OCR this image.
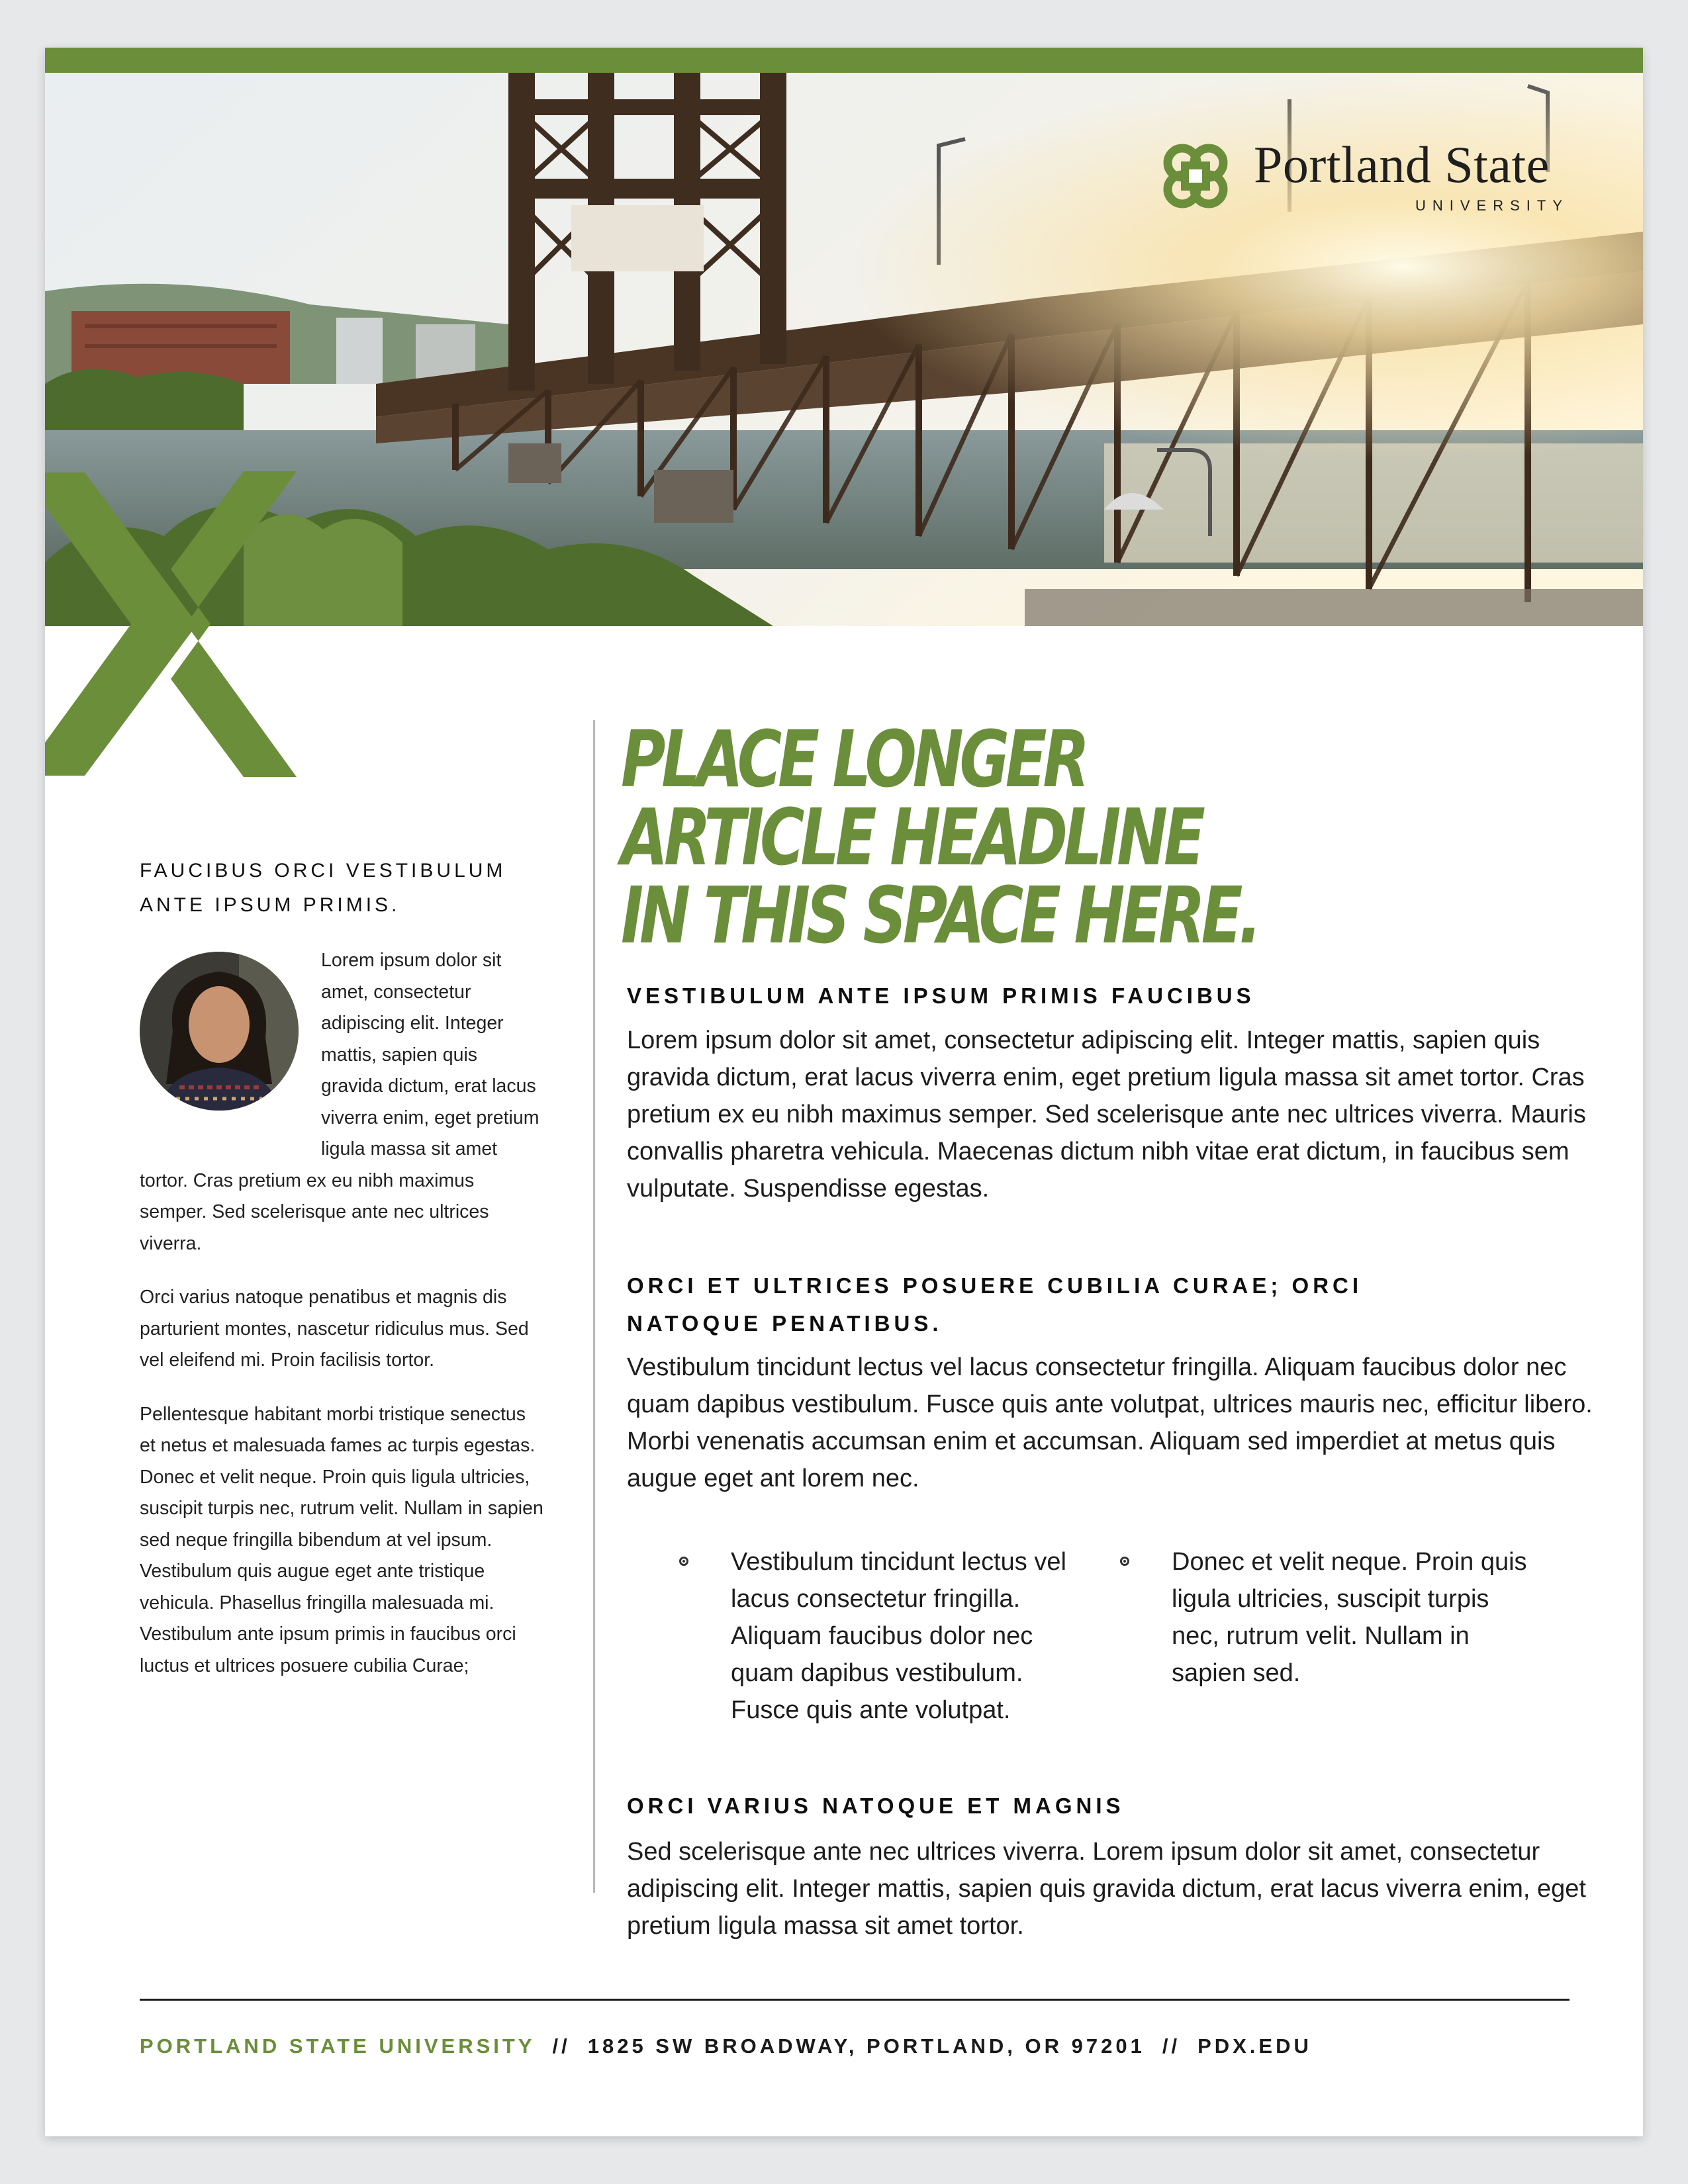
Portland State
UNIVERSITY
FAUCIBUS ORCI VESTIBULUM ANTE IPSUM PRIMIS.

Lorem ipsum dolor sit amet, consectetur adipiscing elit. Integer mattis, sapien quis gravida dictum, erat lacus viverra enim, eget pretium ligula massa sit amet tortor. Cras pretium ex eu nibh maximus semper. Sed scelerisque ante nec ultrices viverra.

Orci varius natoque penatibus et magnis dis parturient montes, nascetur ridiculus mus. Sed vel eleifend mi. Proin facilisis tortor.

Pellentesque habitant morbi tristique senectus et netus et malesuada fames ac turpis egestas. Donec et velit neque. Proin quis ligula ultricies, suscipit turpis nec, rutrum velit. Nullam in sapien sed neque fringilla bibendum at vel ipsum. Vestibulum quis augue eget ante tristique vehicula. Phasellus fringilla malesuada mi. Vestibulum ante ipsum primis in faucibus orci luctus et ultrices posuere cubilia Curae;

PLACE LONGER ARTICLE HEADLINE
IN THIS SPACE HERE.
VESTIBULUM ANTE IPSUM PRIMIS FAUCIBUS

Lorem ipsum dolor sit amet, consectetur adipiscing elit. Integer mattis, sapien quis gravida dictum, erat lacus viverra enim, eget pretium ligula massa sit amet tortor. Cras pretium ex eu nibh maximus semper. Sed scelerisque ante nec ultrices viverra. Mauris convallis pharetra vehicula. Maecenas dictum nibh vitae erat dictum, in faucibus sem vulputate. Suspendisse egestas.

ORCI ET ULTRICES POSUERE CUBILIA CURAE; ORCI NATOQUE PENATIBUS.

Vestibulum tincidunt lectus vel lacus consectetur fringilla. Aliquam faucibus dolor nec quam dapibus vestibulum. Fusce quis ante volutpat, ultrices mauris nec, efficitur libero. Morbi venenatis accumsan enim et accumsan. Aliquam sed imperdiet at metus quis augue eget ant lorem nec.

Vestibulum tincidunt lectus vel lacus consectetur fringilla. Aliquam faucibus dolor nec quam dapibus vestibulum. Fusce quis ante volutpat.
Donec et velit neque. Proin quis ligula ultricies, suscipit turpis nec, rutrum velit. Nullam in sapien sed.
ORCI VARIUS NATOQUE ET MAGNIS

Sed scelerisque ante nec ultrices viverra. Lorem ipsum dolor sit amet, consectetur adipiscing elit. Integer mattis, sapien quis gravida dictum, erat lacus viverra enim, eget pretium ligula massa sit amet tortor.

PORTLAND STATE UNIVERSITY // 1825 SW BROADWAY, PORTLAND, OR 97201 // PDX.EDU
